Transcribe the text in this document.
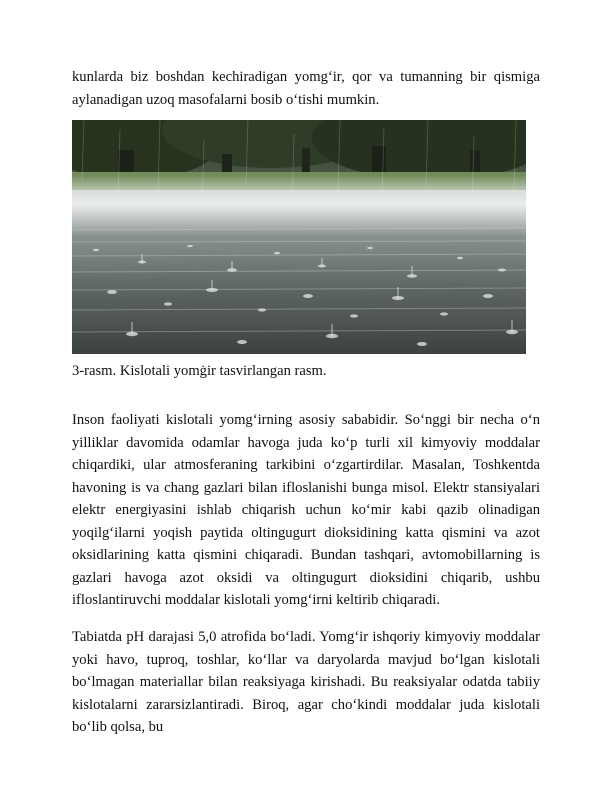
kunlarda biz boshdan kechiradigan yomg‘ir, qor va tumanning bir qismiga aylanadigan uzoq masofalarni bosib o‘tishi mumkin.

3-rasm. Kislotali yomġir tasvirlangan rasm.

Inson faoliyati kislotali yomg‘irning asosiy sababidir. So‘nggi bir necha o‘n yilliklar davomida odamlar havoga juda ko‘p turli xil kimyoviy moddalar chiqardiki, ular atmosferaning tarkibini o‘zgartirdilar. Masalan, Toshkentda havoning is va chang gazlari bilan ifloslanishi bunga misol. Elektr stansiyalari elektr energiyasini ishlab chiqarish uchun ko‘mir kabi qazib olinadigan yoqilg‘ilarni yoqish paytida oltingugurt dioksidining katta qismini va azot oksidlarining katta qismini chiqaradi. Bundan tashqari, avtomobillarning is gazlari havoga azot oksidi va oltingugurt dioksidini chiqarib, ushbu ifloslantiruvchi moddalar kislotali yomg‘irni keltirib chiqaradi.

Tabiatda pH darajasi 5,0 atrofida bo‘ladi. Yomg‘ir ishqoriy kimyoviy moddalar yoki havo, tuproq, toshlar, ko‘llar va daryolarda mavjud bo‘lgan kislotali bo‘lmagan materiallar bilan reaksiyaga kirishadi. Bu reaksiyalar odatda tabiiy kislotalarni zararsizlantiradi. Biroq, agar cho‘kindi moddalar juda kislotali bo‘lib qolsa, bu
